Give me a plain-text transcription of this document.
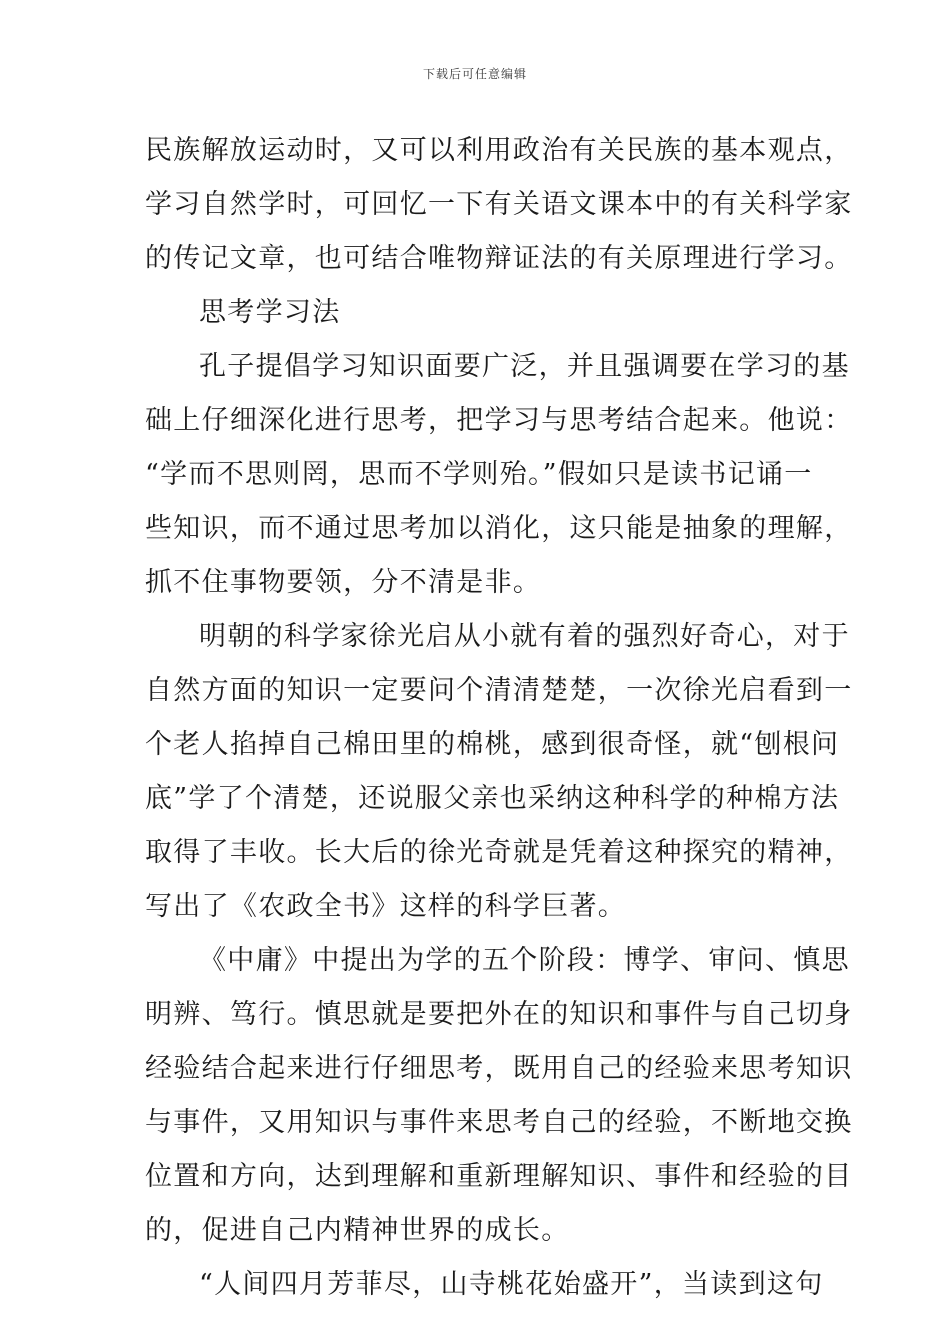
下载后可任意编辑
民族解放运动时，又可以利用政治有关民族的基本观点，
学习自然学时，可回忆一下有关语文课本中的有关科学家
的传记文章，也可结合唯物辩证法的有关原理进行学习。
思考学习法
孔子提倡学习知识面要广泛，并且强调要在学习的基
础上仔细深化进行思考，把学习与思考结合起来。他说：
“学而不思则罔，思而不学则殆。”假如只是读书记诵一
些知识，而不通过思考加以消化，这只能是抽象的理解，
抓不住事物要领，分不清是非。
明朝的科学家徐光启从小就有着的强烈好奇心，对于
自然方面的知识一定要问个清清楚楚，一次徐光启看到一
个老人掐掉自己棉田里的棉桃，感到很奇怪，就“刨根问
底”学了个清楚，还说服父亲也采纳这种科学的种棉方法
取得了丰收。长大后的徐光奇就是凭着这种探究的精神，
写出了《农政全书》这样的科学巨著。
《中庸》中提出为学的五个阶段：博学、审问、慎思
明辨、笃行。慎思就是要把外在的知识和事件与自己切身
经验结合起来进行仔细思考，既用自己的经验来思考知识
与事件，又用知识与事件来思考自己的经验，不断地交换
位置和方向，达到理解和重新理解知识、事件和经验的目
的，促进自己内精神世界的成长。
“人间四月芳菲尽，山寺桃花始盛开”，当读到这句
